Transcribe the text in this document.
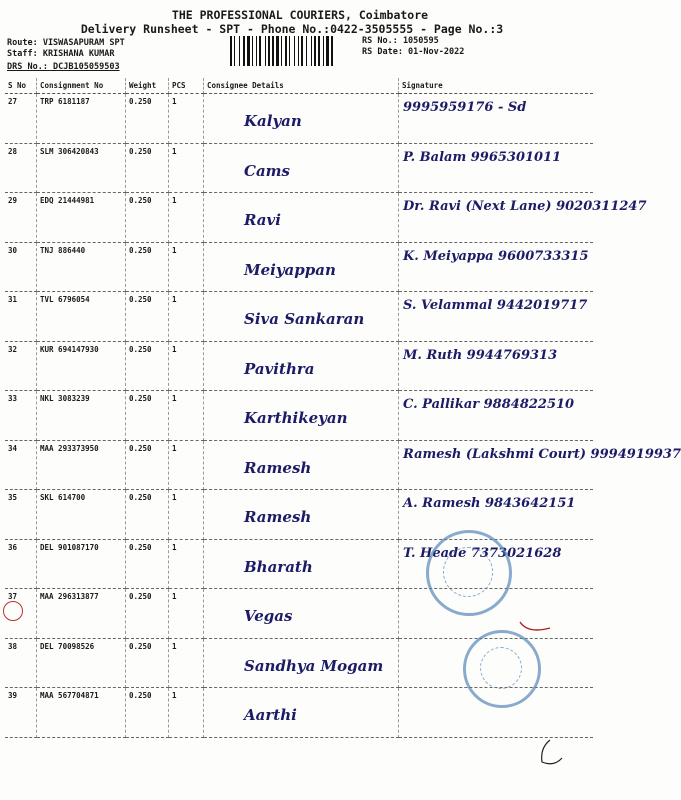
THE PROFESSIONAL COURIERS, Coimbatore
Delivery Runsheet - SPT - Phone No.:0422-3505555 - Page No.:3
Route: VISWASAPURAM SPT
Staff: KRISHANA KUMAR
DRS No.: DCJB105059503
RS No.: 1050595
RS Date: 01-Nov-2022
S No	Consignment No	Weight	PCS	Consignee Details	Signature
27	TRP 6181187	0.250	1	Kalyan	9995959176 - Sd

28	SLM 306420843	0.250	1	Cams	P. Balam 9965301011

29	EDQ 21444981	0.250	1	Ravi	Dr. Ravi (Next Lane) 9020311247

30	TNJ 886440	0.250	1	Meiyappan	K. Meiyappa 9600733315

31	TVL 6796054	0.250	1	Siva Sankaran	S. Velammal 9442019717

32	KUR 694147930	0.250	1	Pavithra	M. Ruth 9944769313

33	NKL 3083239	0.250	1	Karthikeyan	C. Pallikar 9884822510

34	MAA 293373950	0.250	1	Ramesh	Ramesh (Lakshmi Court) 9994919937

35	SKL 614700	0.250	1	Ramesh	A. Ramesh 9843642151

36	DEL 901087170	0.250	1	Bharath	T. Heade 7373021628

37	MAA 296313877	0.250	1	Vegas	

38	DEL 70098526	0.250	1	Sandhya Mogam	

39	MAA 567704871	0.250	1	Aarthi	
